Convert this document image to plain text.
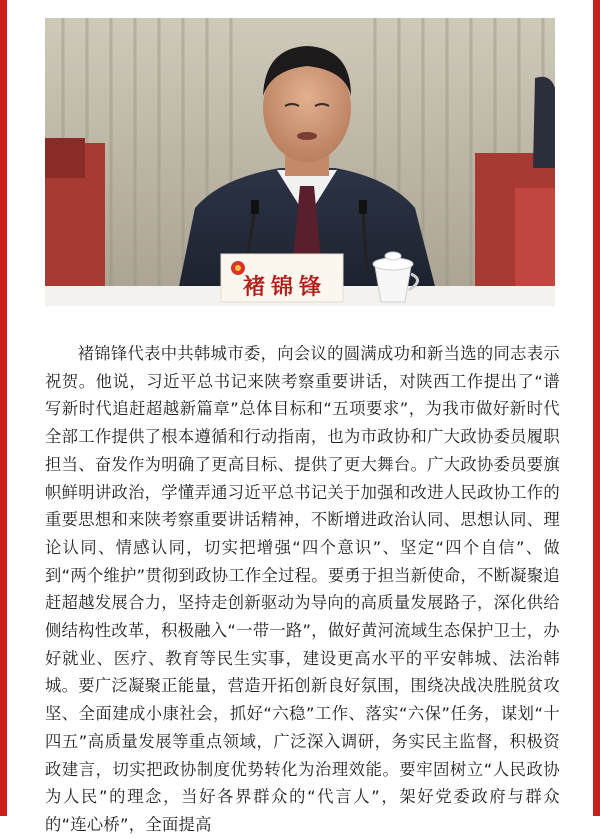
褚锦锋

褚锦锋代表中共韩城市委，向会议的圆满成功和新当选的同志表示祝贺。他说，习近平总书记来陕考察重要讲话，对陕西工作提出了“谱写新时代追赶超越新篇章”总体目标和“五项要求”，为我市做好新时代全部工作提供了根本遵循和行动指南，也为市政协和广大政协委员履职担当、奋发作为明确了更高目标、提供了更大舞台。广大政协委员要旗帜鲜明讲政治，学懂弄通习近平总书记关于加强和改进人民政协工作的重要思想和来陕考察重要讲话精神，不断增进政治认同、思想认同、理论认同、情感认同，切实把增强“四个意识”、坚定“四个自信”、做到“两个维护”贯彻到政协工作全过程。要勇于担当新使命，不断凝聚追赶超越发展合力，坚持走创新驱动为导向的高质量发展路子，深化供给侧结构性改革，积极融入“一带一路”，做好黄河流域生态保护卫士，办好就业、医疗、教育等民生实事，建设更高水平的平安韩城、法治韩城。要广泛凝聚正能量，营造开拓创新良好氛围，围绕决战决胜脱贫攻坚、全面建成小康社会，抓好“六稳”工作、落实“六保”任务，谋划“十四五”高质量发展等重点领域，广泛深入调研，务实民主监督，积极资政建言，切实把政协制度优势转化为治理效能。要牢固树立“人民政协为人民”的理念，当好各界群众的“代言人”，架好党委政府与群众的“连心桥”，全面提高
